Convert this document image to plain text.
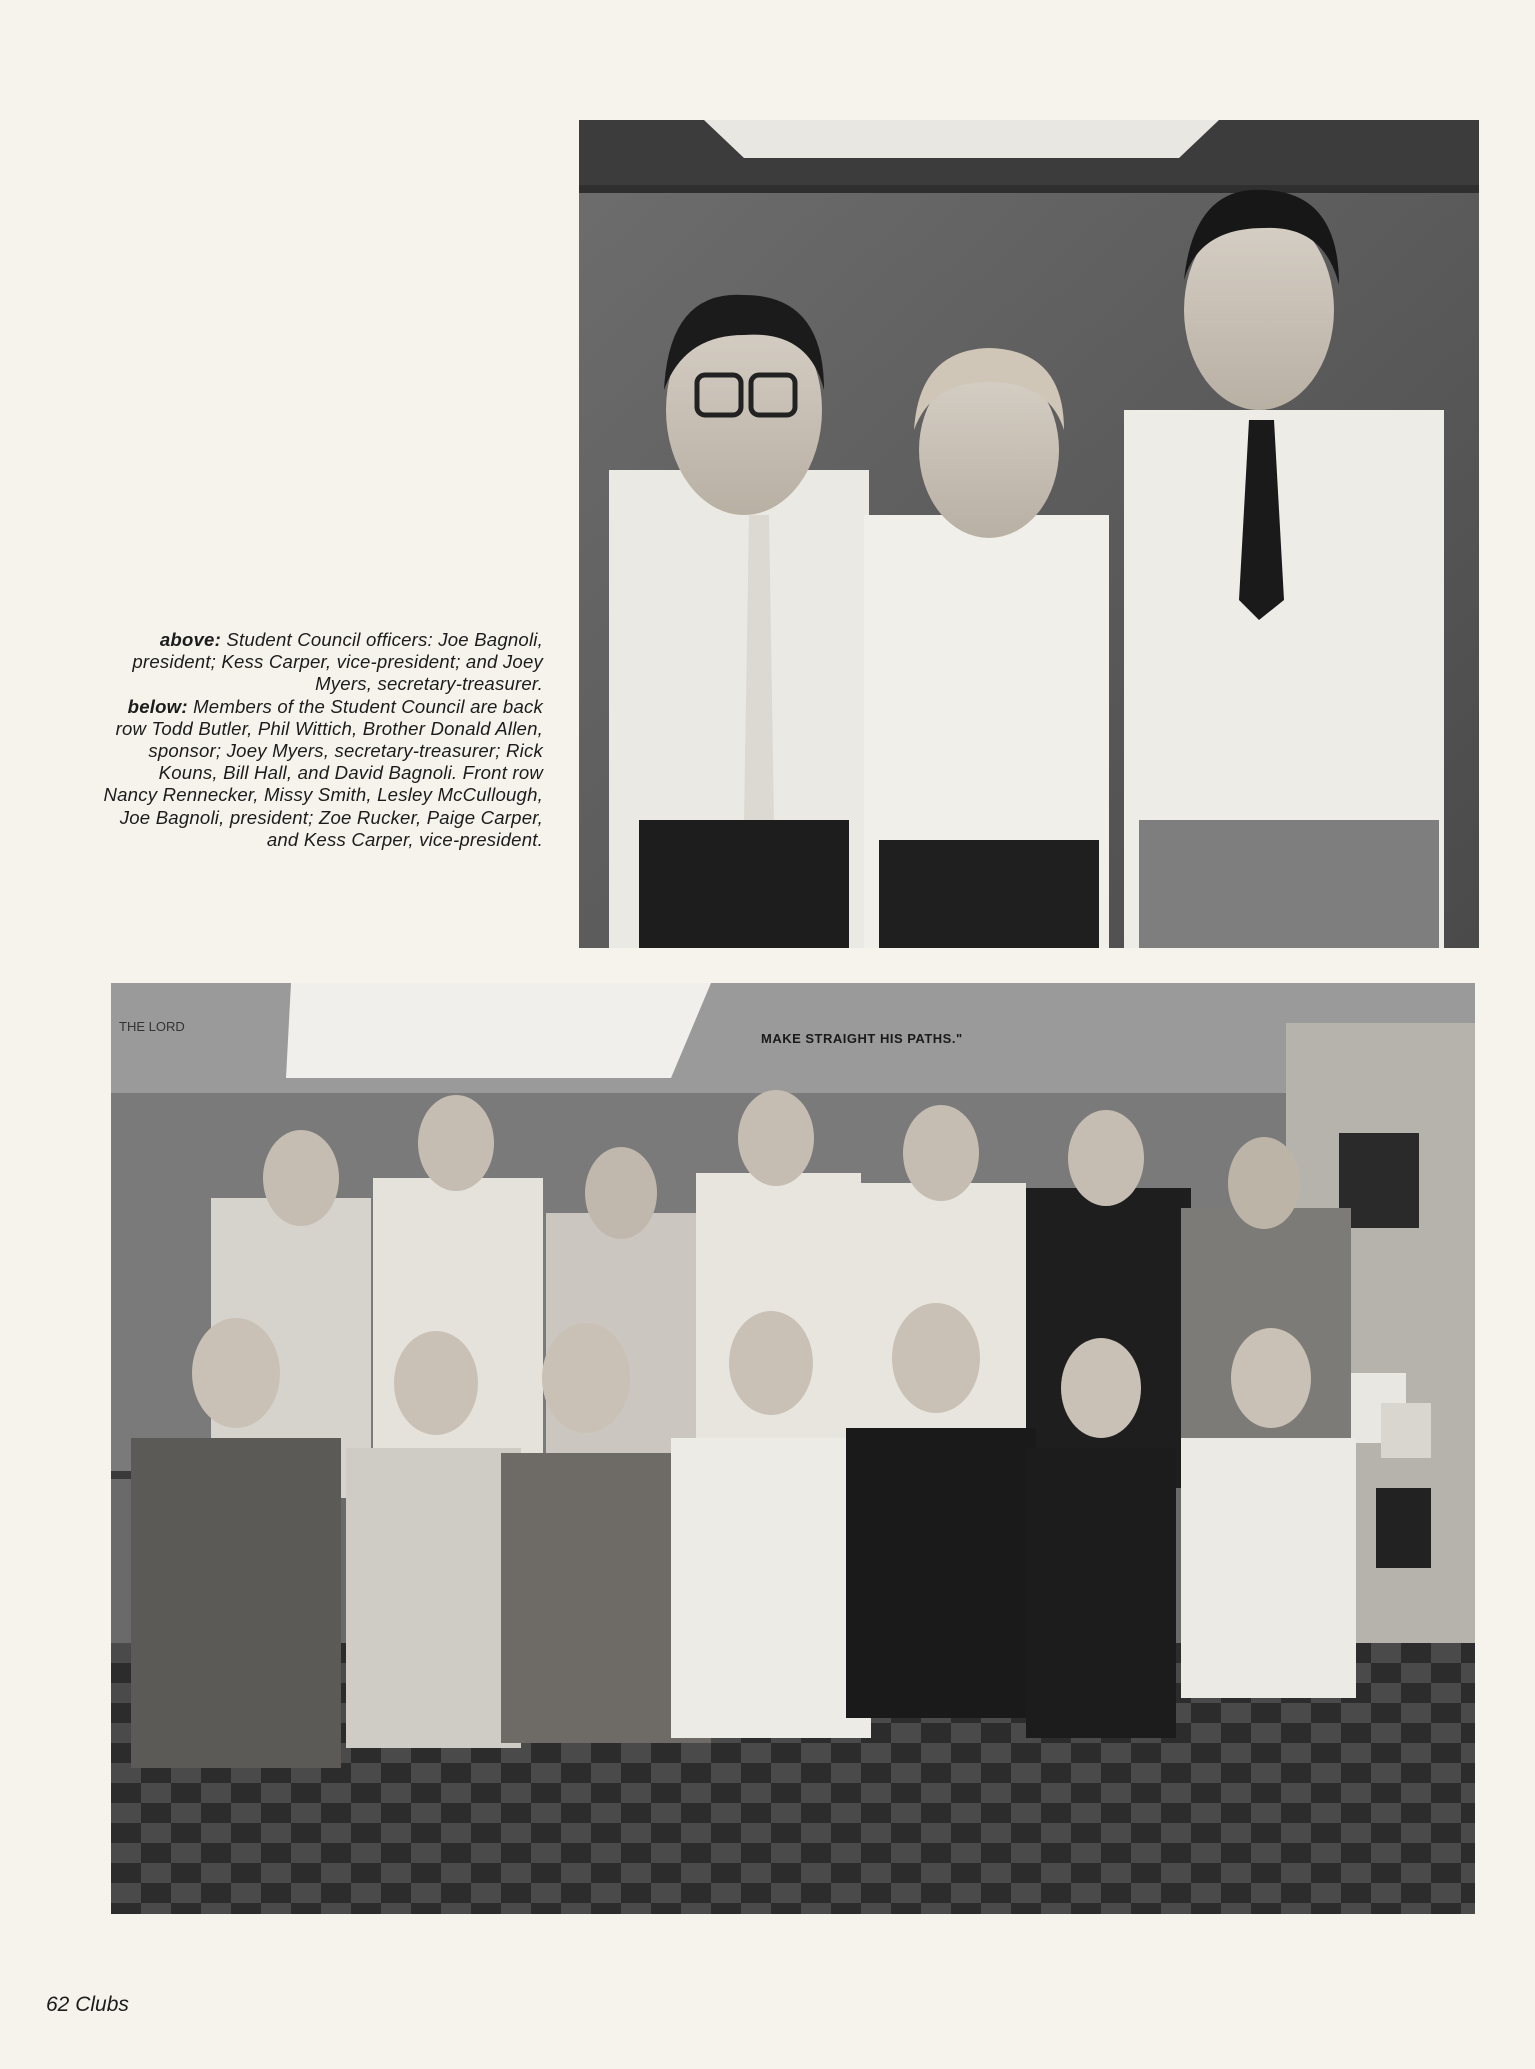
above: Student Council officers: Joe Bagnoli, president; Kess Carper, vice-president; and Joey Myers, secretary-treasurer.

below: Members of the Student Council are back row Todd Butler, Phil Wittich, Brother Donald Allen, sponsor; Joey Myers, secretary-treasurer; Rick Kouns, Bill Hall, and David Bagnoli. Front row Nancy Rennecker, Missy Smith, Lesley McCullough, Joe Bagnoli, president; Zoe Rucker, Paige Carper, and Kess Carper, vice-president.

MAKE STRAIGHT HIS PATHS."
THE LORD
62 Clubs
